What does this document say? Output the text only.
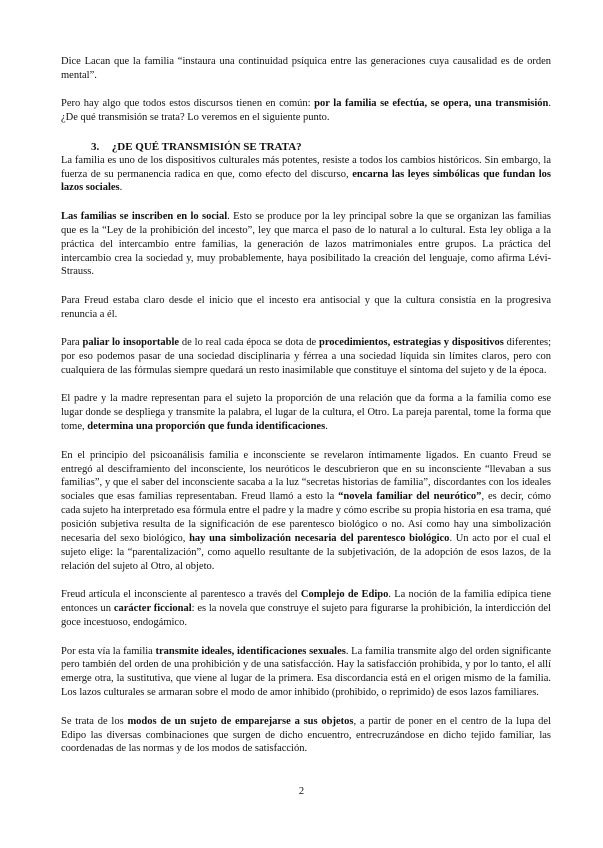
Dice Lacan que la familia “instaura una continuidad psíquica entre las generaciones cuya causalidad es de orden mental”.

Pero hay algo que todos estos discursos tienen en común: por la familia se efectúa, se opera, una transmisión. ¿De qué transmisión se trata? Lo veremos en el siguiente punto.

3. ¿DE QUÉ TRANSMISIÓN SE TRATA?

La familia es uno de los dispositivos culturales más potentes, resiste a todos los cambios históricos. Sin embargo, la fuerza de su permanencia radica en que, como efecto del discurso, encarna las leyes simbólicas que fundan los lazos sociales.

Las familias se inscriben en lo social. Esto se produce por la ley principal sobre la que se organizan las familias que es la “Ley de la prohibición del incesto”, ley que marca el paso de lo natural a lo cultural. Esta ley obliga a la práctica del intercambio entre familias, la generación de lazos matrimoniales entre grupos. La práctica del intercambio crea la sociedad y, muy probablemente, haya posibilitado la creación del lenguaje, como afirma Lévi-Strauss.

Para Freud estaba claro desde el inicio que el incesto era antisocial y que la cultura consistía en la progresiva renuncia a él.

Para paliar lo insoportable de lo real cada época se dota de procedimientos, estrategias y dispositivos diferentes; por eso podemos pasar de una sociedad disciplinaria y férrea a una sociedad líquida sin límites claros, pero con cualquiera de las fórmulas siempre quedará un resto inasimilable que constituye el síntoma del sujeto y de la época.

El padre y la madre representan para el sujeto la proporción de una relación que da forma a la familia como ese lugar donde se despliega y transmite la palabra, el lugar de la cultura, el Otro. La pareja parental, tome la forma que tome, determina una proporción que funda identificaciones.

En el principio del psicoanálisis familia e inconsciente se revelaron íntimamente ligados. En cuanto Freud se entregó al desciframiento del inconsciente, los neuróticos le descubrieron que en su inconsciente “llevaban a sus familias”, y que el saber del inconsciente sacaba a la luz “secretas historias de familia”, discordantes con los ideales sociales que esas familias representaban. Freud llamó a esto la “novela familiar del neurótico”, es decir, cómo cada sujeto ha interpretado esa fórmula entre el padre y la madre y cómo escribe su propia historia en esa trama, qué posición subjetiva resulta de la significación de ese parentesco biológico o no. Así como hay una simbolización necesaria del sexo biológico, hay una simbolización necesaria del parentesco biológico. Un acto por el cual el sujeto elige: la “parentalización”, como aquello resultante de la subjetivación, de la adopción de esos lazos, de la relación del sujeto al Otro, al objeto.

Freud articula el inconsciente al parentesco a través del Complejo de Edipo. La noción de la familia edípica tiene entonces un carácter ficcional: es la novela que construye el sujeto para figurarse la prohibición, la interdicción del goce incestuoso, endogámico.

Por esta vía la familia transmite ideales, identificaciones sexuales. La familia transmite algo del orden significante pero también del orden de una prohibición y de una satisfacción. Hay la satisfacción prohibida, y por lo tanto, el allí emerge otra, la sustitutiva, que viene al lugar de la primera. Esa discordancia está en el origen mismo de la familia. Los lazos culturales se armaran sobre el modo de amor inhibido (prohibido, o reprimido) de esos lazos familiares.

Se trata de los modos de un sujeto de emparejarse a sus objetos, a partir de poner en el centro de la lupa del Edipo las diversas combinaciones que surgen de dicho encuentro, entrecruzándose en dicho tejido familiar, las coordenadas de las normas y de los modos de satisfacción.

2
